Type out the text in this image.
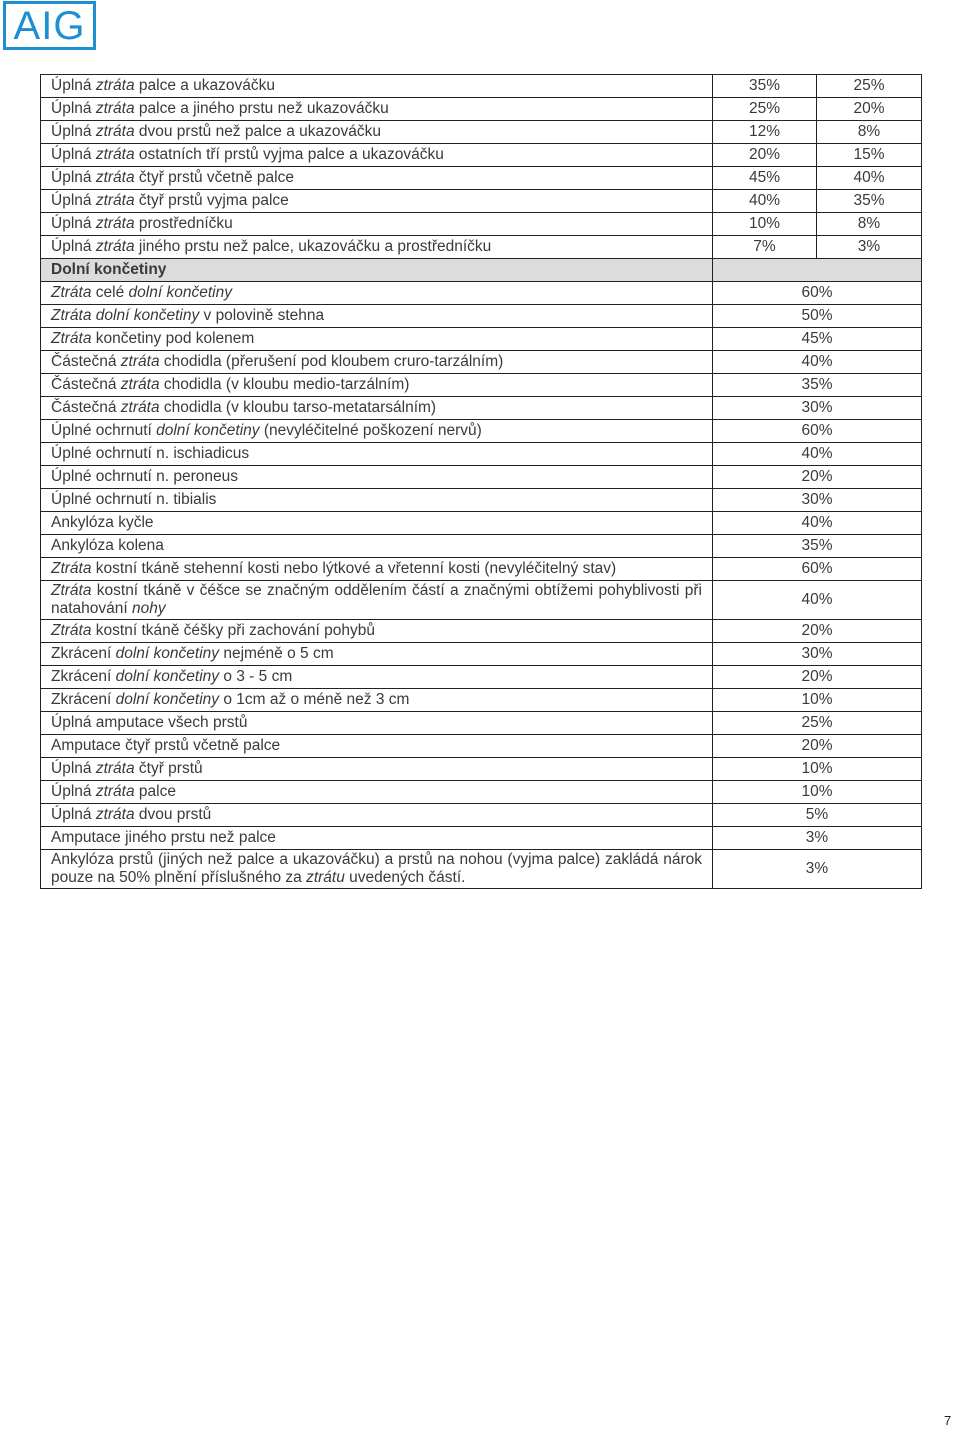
AIG
Úplná ztráta palce a ukazováčku	35%	25%
Úplná ztráta palce a jiného prstu než ukazováčku	25%	20%
Úplná ztráta dvou prstů než palce a ukazováčku	12%	8%
Úplná ztráta ostatních tří prstů vyjma palce a ukazováčku	20%	15%
Úplná ztráta čtyř prstů včetně palce	45%	40%
Úplná ztráta čtyř prstů vyjma palce	40%	35%
Úplná ztráta prostředníčku	10%	8%
Úplná ztráta jiného prstu než palce, ukazováčku a prostředníčku	7%	3%
Dolní končetiny		
Ztráta celé dolní končetiny	60%	
Ztráta dolní končetiny v polovině stehna	50%	
Ztráta končetiny pod kolenem	45%	
Částečná ztráta chodidla (přerušení pod kloubem cruro-tarzálním)	40%	
Částečná ztráta chodidla (v kloubu medio-tarzálním)	35%	
Částečná ztráta chodidla (v kloubu tarso-metatarsálním)	30%	
Úplné ochrnutí dolní končetiny (nevyléčitelné poškození nervů)	60%	
Úplné ochrnutí n. ischiadicus	40%	
Úplné ochrnutí n. peroneus	20%	
Úplné ochrnutí n. tibialis	30%	
Ankylóza kyčle	40%	
Ankylóza kolena	35%	
Ztráta kostní tkáně stehenní kosti nebo lýtkové a vřetenní kosti (nevyléčitelný stav)	60%	
Ztráta kostní tkáně v čéšce se značným oddělením částí a značnými obtížemi pohyblivosti při natahování nohy	40%	
Ztráta kostní tkáně čéšky při zachování pohybů	20%	
Zkrácení dolní končetiny nejméně o 5 cm	30%	
Zkrácení dolní končetiny o 3 - 5 cm	20%	
Zkrácení dolní končetiny o 1cm až o méně než 3 cm	10%	
Úplná amputace všech prstů	25%	
Amputace čtyř prstů včetně palce	20%	
Úplná ztráta čtyř prstů	10%	
Úplná ztráta palce	10%	
Úplná ztráta dvou prstů	5%	
Amputace jiného prstu než palce	3%	
Ankylóza prstů (jiných než palce a ukazováčku) a prstů na nohou (vyjma palce) zakládá nárok pouze na 50% plnění příslušného za ztrátu uvedených částí.	3%	
7
